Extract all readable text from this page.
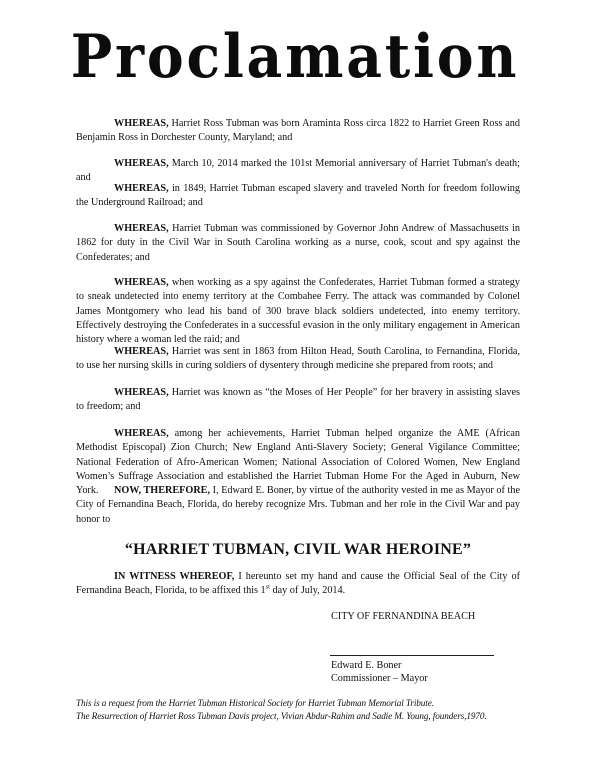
Proclamation

WHEREAS, Harriet Ross Tubman was born Araminta Ross circa 1822 to Harriet Green Ross and Benjamin Ross in Dorchester County, Maryland; and

WHEREAS, March 10, 2014 marked the 101st Memorial anniversary of Harriet Tubman's death; and

WHEREAS, in 1849, Harriet Tubman escaped slavery and traveled North for freedom following the Underground Railroad; and

WHEREAS, Harriet Tubman was commissioned by Governor John Andrew of Massachusetts in 1862 for duty in the Civil War in South Carolina working as a nurse, cook, scout and spy against the Confederates; and

WHEREAS, when working as a spy against the Confederates, Harriet Tubman formed a strategy to sneak undetected into enemy territory at the Combahee Ferry. The attack was commanded by Colonel James Montgomery who lead his band of 300 brave black soldiers undetected, into enemy territory. Effectively destroying the Confederates in a successful evasion in the only military engagement in American history where a woman led the raid; and

WHEREAS, Harriet was sent in 1863 from Hilton Head, South Carolina, to Fernandina, Florida, to use her nursing skills in curing soldiers of dysentery through medicine she prepared from roots; and

WHEREAS, Harriet was known as “the Moses of Her People” for her bravery in assisting slaves to freedom; and

WHEREAS, among her achievements, Harriet Tubman helped organize the AME (African Methodist Episcopal) Zion Church; New England Anti-Slavery Society; General Vigilance Committee; National Federation of Afro-American Women; National Association of Colored Women, New England Women’s Suffrage Association and established the Harriet Tubman Home For the Aged in Auburn, New York.	NOW, THEREFORE, I, Edward E. Boner, by virtue of the authority vested in me as Mayor of the City of Fernandina Beach, Florida, do hereby recognize Mrs. Tubman and her role in the Civil War and pay honor to

“HARRIET TUBMAN, CIVIL WAR HEROINE”

IN WITNESS WHEREOF, I hereunto set my hand and cause the Official Seal of the City of Fernandina Beach, Florida, to be affixed this 1st day of July, 2014.

CITY OF FERNANDINA BEACH
Edward E. Boner
Commissioner – Mayor
This is a request from the Harriet Tubman Historical Society for Harriet Tubman Memorial Tribute.
The Resurrection of Harriet Ross Tubman Davis project, Vivian Abdur-Rahim and Sadie M. Young, founders,1970.
